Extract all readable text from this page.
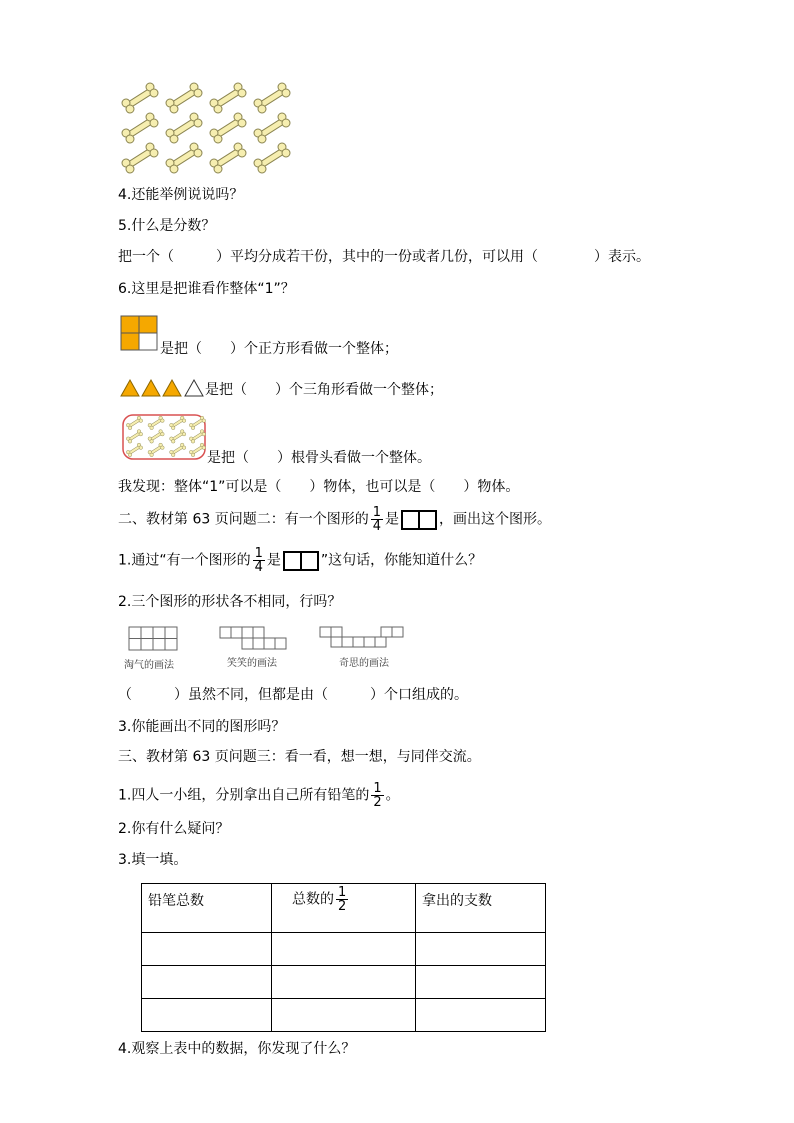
4.还能举例说说吗？
5.什么是分数？
把一个（　　　）平均分成若干份，其中的一份或者几份，可以用（　　　　）表示。
6.这里是把谁看作整体“1”？
是把（　　）个正方形看做一个整体；
是把（　　）个三角形看做一个整体；
是把（　　）根骨头看做一个整体。
我发现：整体“1”可以是（　　）物体，也可以是（　　）物体。
二、教材第 63 页问题二：有一个图形的 $\frac{1}{4}$ 是	，画出这个图形。
1.通过“有一个图形的 $\frac{1}{4}$ 是	”这句话，你能知道什么？
2.三个图形的形状各不相同，行吗？
淘气的画法	笑笑的画法	奇思的画法
（　　　）虽然不同，但都是由（　　　）个口组成的。
3.你能画出不同的图形吗？
三、教材第 63 页问题三：看一看，想一想，与同伴交流。
1.四人一小组，分别拿出自己所有铅笔的 $\frac{1}{2}$ 。
2.你有什么疑问？
3.填一填。
铅笔总数	总数的 $\frac{1}{2}$	拿出的支数

4.观察上表中的数据，你发现了什么？
